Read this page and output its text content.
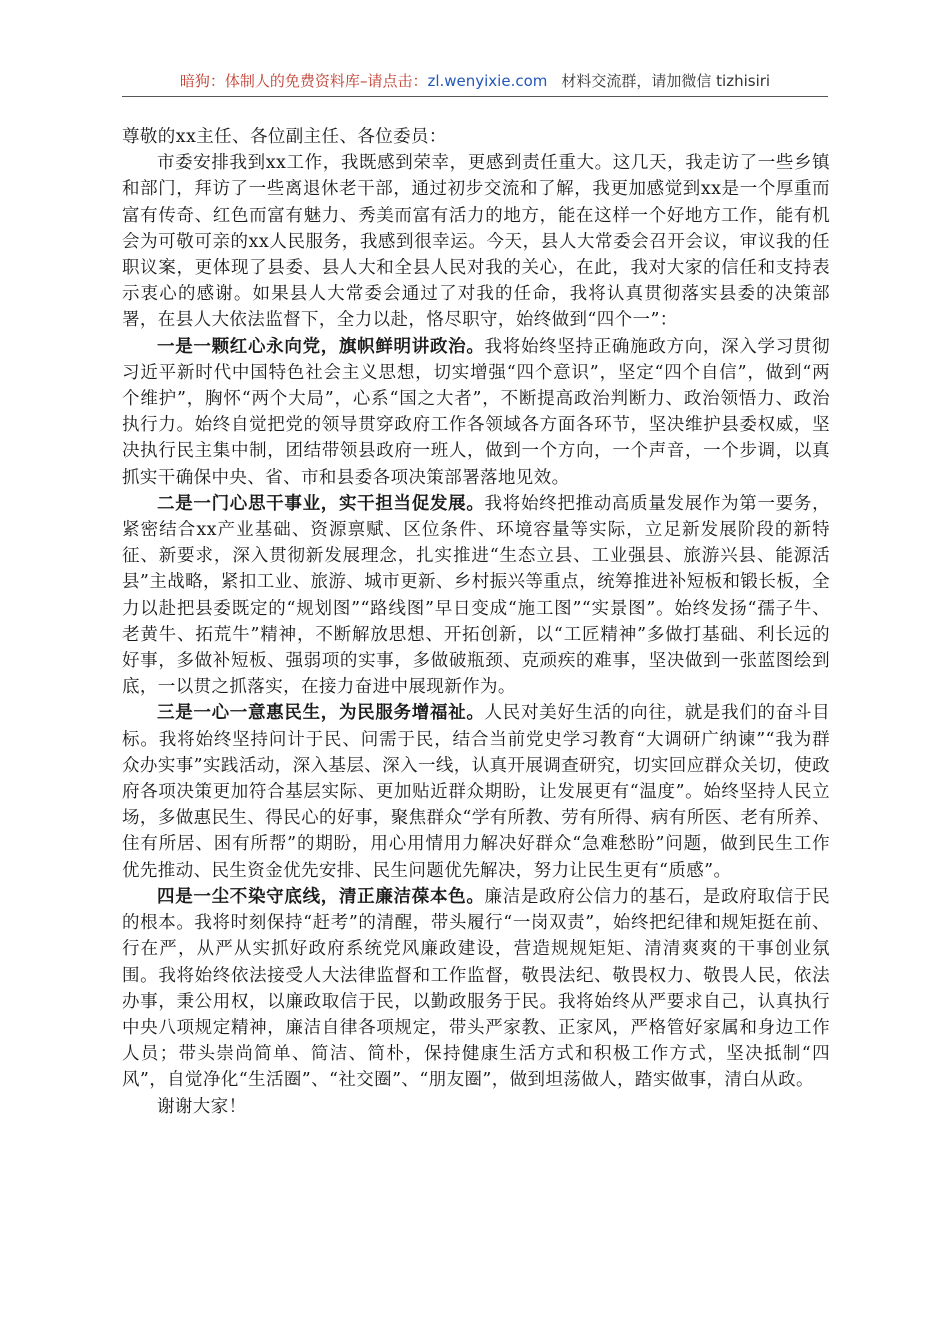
暗狗：体制人的免费资料库–请点击：zl.wenyixie.com 材料交流群，请加微信 tizhisiri

尊敬的xx主任、各位副主任、各位委员：

市委安排我到xx工作，我既感到荣幸，更感到责任重大。这几天，我走访了一些乡镇和部门，拜访了一些离退休老干部，通过初步交流和了解，我更加感觉到xx是一个厚重而富有传奇、红色而富有魅力、秀美而富有活力的地方，能在这样一个好地方工作，能有机会为可敬可亲的xx人民服务，我感到很幸运。今天，县人大常委会召开会议，审议我的任职议案，更体现了县委、县人大和全县人民对我的关心，在此，我对大家的信任和支持表示衷心的感谢。如果县人大常委会通过了对我的任命，我将认真贯彻落实县委的决策部署，在县人大依法监督下，全力以赴，恪尽职守，始终做到“四个一”：

一是一颗红心永向党，旗帜鲜明讲政治。我将始终坚持正确施政方向，深入学习贯彻习近平新时代中国特色社会主义思想，切实增强“四个意识”，坚定“四个自信”，做到“两个维护”，胸怀“两个大局”，心系“国之大者”，不断提高政治判断力、政治领悟力、政治执行力。始终自觉把党的领导贯穿政府工作各领域各方面各环节，坚决维护县委权威，坚决执行民主集中制，团结带领县政府一班人，做到一个方向，一个声音，一个步调，以真抓实干确保中央、省、市和县委各项决策部署落地见效。

二是一门心思干事业，实干担当促发展。我将始终把推动高质量发展作为第一要务，紧密结合xx产业基础、资源禀赋、区位条件、环境容量等实际，立足新发展阶段的新特征、新要求，深入贯彻新发展理念，扎实推进“生态立县、工业强县、旅游兴县、能源活县”主战略，紧扣工业、旅游、城市更新、乡村振兴等重点，统筹推进补短板和锻长板，全力以赴把县委既定的“规划图”“路线图”早日变成“施工图”“实景图”。始终发扬“孺子牛、老黄牛、拓荒牛”精神，不断解放思想、开拓创新，以“工匠精神”多做打基础、利长远的好事，多做补短板、强弱项的实事，多做破瓶颈、克顽疾的难事，坚决做到一张蓝图绘到底，一以贯之抓落实，在接力奋进中展现新作为。

三是一心一意惠民生，为民服务增福祉。人民对美好生活的向往，就是我们的奋斗目标。我将始终坚持问计于民、问需于民，结合当前党史学习教育“大调研广纳谏”“我为群众办实事”实践活动，深入基层、深入一线，认真开展调查研究，切实回应群众关切，使政府各项决策更加符合基层实际、更加贴近群众期盼，让发展更有“温度”。始终坚持人民立场，多做惠民生、得民心的好事，聚焦群众“学有所教、劳有所得、病有所医、老有所养、住有所居、困有所帮”的期盼，用心用情用力解决好群众“急难愁盼”问题，做到民生工作优先推动、民生资金优先安排、民生问题优先解决，努力让民生更有“质感”。

四是一尘不染守底线，清正廉洁葆本色。廉洁是政府公信力的基石，是政府取信于民的根本。我将时刻保持“赶考”的清醒，带头履行“一岗双责”，始终把纪律和规矩挺在前、行在严，从严从实抓好政府系统党风廉政建设，营造规规矩矩、清清爽爽的干事创业氛围。我将始终依法接受人大法律监督和工作监督，敬畏法纪、敬畏权力、敬畏人民，依法办事，秉公用权，以廉政取信于民，以勤政服务于民。我将始终从严要求自己，认真执行中央八项规定精神，廉洁自律各项规定，带头严家教、正家风，严格管好家属和身边工作人员；带头崇尚简单、简洁、简朴，保持健康生活方式和积极工作方式，坚决抵制“四风”，自觉净化“生活圈”、“社交圈”、“朋友圈”，做到坦荡做人，踏实做事，清白从政。

谢谢大家！
